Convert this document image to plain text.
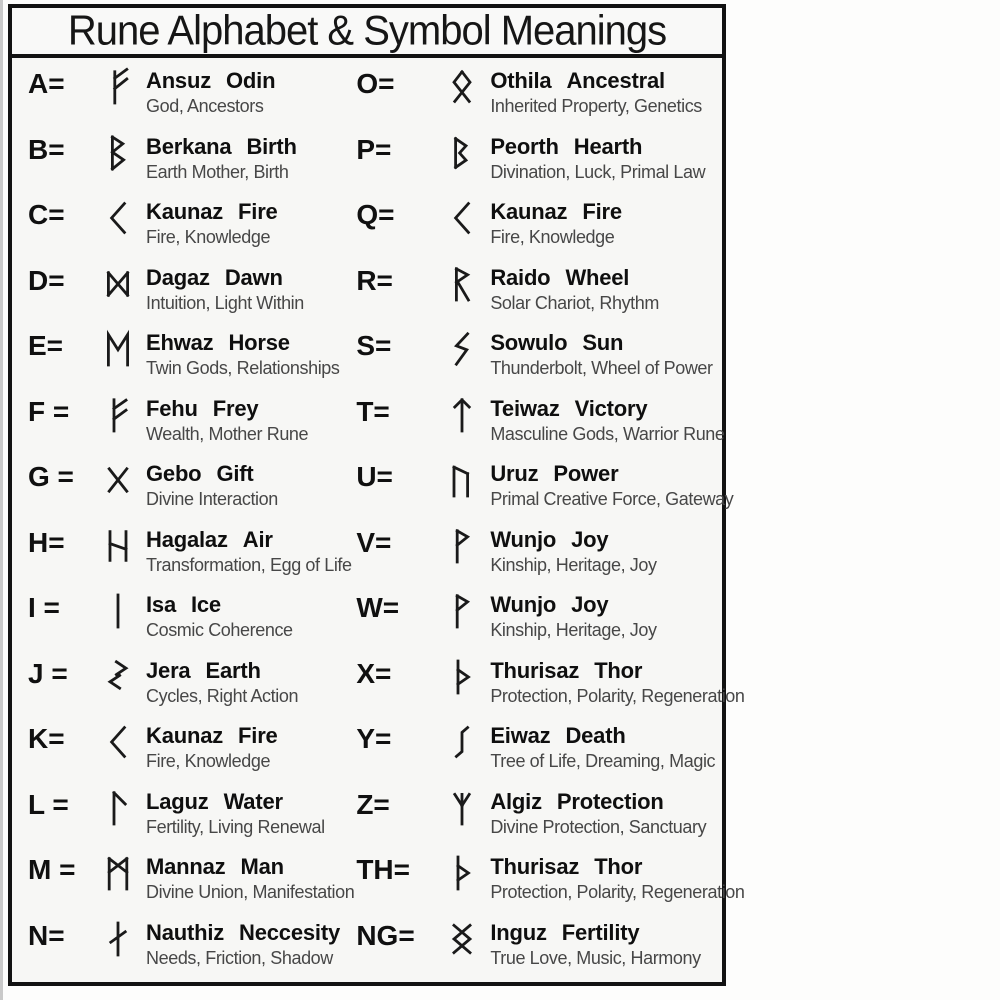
Rune Alphabet & Symbol Meanings
A=	Ansuz Odin
God, Ancestors
B=	Berkana Birth
Earth Mother, Birth
C=	Kaunaz Fire
Fire, Knowledge
D=	Dagaz Dawn
Intuition, Light Within
E=	Ehwaz Horse
Twin Gods, Relationships
F =	Fehu Frey
Wealth, Mother Rune
G =	Gebo Gift
Divine Interaction
H=	Hagalaz Air
Transformation, Egg of Life
I =	Isa Ice
Cosmic Coherence
J =	Jera Earth
Cycles, Right Action
K=	Kaunaz Fire
Fire, Knowledge
L =	Laguz Water
Fertility, Living Renewal
M =	Mannaz Man
Divine Union, Manifestation
N=	Nauthiz Neccesity
Needs, Friction, Shadow
O=	Othila Ancestral
Inherited Property, Genetics
P=	Peorth Hearth
Divination, Luck, Primal Law
Q=	Kaunaz Fire
Fire, Knowledge
R=	Raido Wheel
Solar Chariot, Rhythm
S=	Sowulo Sun
Thunderbolt, Wheel of Power
T=	Teiwaz Victory
Masculine Gods, Warrior Rune
U=	Uruz Power
Primal Creative Force, Gateway
V=	Wunjo Joy
Kinship, Heritage, Joy
W=	Wunjo Joy
Kinship, Heritage, Joy
X=	Thurisaz Thor
Protection, Polarity, Regeneration
Y=	Eiwaz Death
Tree of Life, Dreaming, Magic
Z=	Algiz Protection
Divine Protection, Sanctuary
TH=	Thurisaz Thor
Protection, Polarity, Regeneration
NG=	Inguz Fertility
True Love, Music, Harmony
